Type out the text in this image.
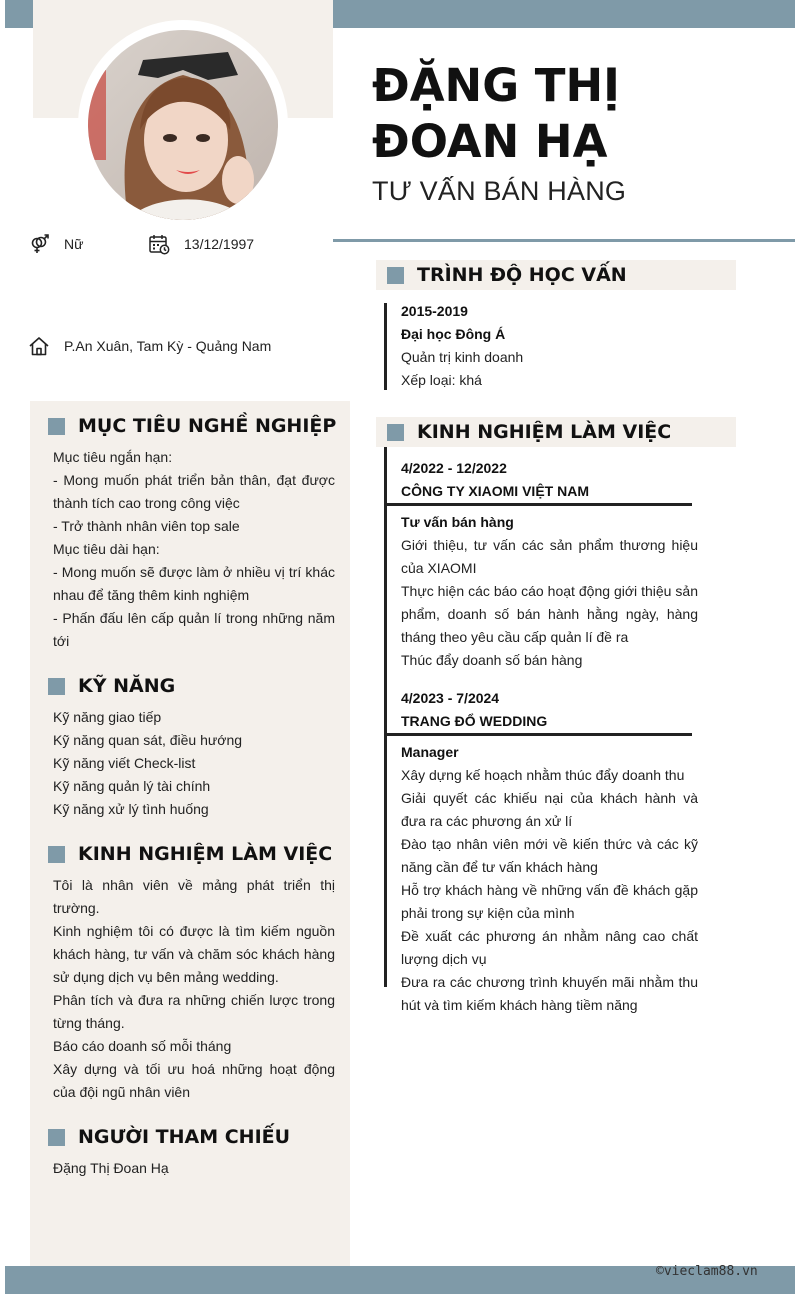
ĐẶNG THỊ ĐOAN HẠ
TƯ VẤN BÁN HÀNG
Nữ	13/12/1997
P.An Xuân, Tam Kỳ - Quảng Nam
MỤC TIÊU NGHỀ NGHIỆP
Mục tiêu ngắn hạn:
- Mong muốn phát triển bản thân, đạt được thành tích cao trong công việc
- Trở thành nhân viên top sale
Mục tiêu dài hạn:
- Mong muốn sẽ được làm ở nhiều vị trí khác nhau để tăng thêm kinh nghiệm
- Phấn đấu lên cấp quản lí trong những năm tới
KỸ NĂNG
Kỹ năng giao tiếp
Kỹ năng quan sát, điều hướng
Kỹ năng viết Check-list
Kỹ năng quản lý tài chính
Kỹ năng xử lý tình huống
KINH NGHIỆM LÀM VIỆC
Tôi là nhân viên về mảng phát triển thị trường.
Kinh nghiệm tôi có được là tìm kiếm nguồn khách hàng, tư vấn và chăm sóc khách hàng sử dụng dịch vụ bên mảng wedding.
Phân tích và đưa ra những chiến lược trong từng tháng.
Báo cáo doanh số mỗi tháng
Xây dựng và tối ưu hoá những hoạt động của đội ngũ nhân viên
NGƯỜI THAM CHIẾU
Đặng Thị Đoan Hạ
TRÌNH ĐỘ HỌC VẤN
2015-2019
Đại học Đông Á
Quản trị kinh doanh
Xếp loại: khá
KINH NGHIỆM LÀM VIỆC
4/2022 - 12/2022
CÔNG TY XIAOMI VIỆT NAM
Tư vấn bán hàng
Giới thiệu, tư vấn các sản phẩm thương hiệu của XIAOMI
Thực hiện các báo cáo hoạt động giới thiệu sản phẩm, doanh số bán hành hằng ngày, hàng tháng theo yêu cầu cấp quản lí đề ra
Thúc đẩy doanh số bán hàng
4/2023 - 7/2024
TRANG ĐỔ WEDDING
Manager
Xây dựng kế hoạch nhằm thúc đẩy doanh thu
Giải quyết các khiếu nại của khách hành và đưa ra các phương án xử lí
Đào tạo nhân viên mới về kiến thức và các kỹ năng cần để tư vấn khách hàng
Hỗ trợ khách hàng về những vấn đề khách gặp phải trong sự kiện của mình
Đề xuất các phương án nhằm nâng cao chất lượng dịch vụ
Đưa ra các chương trình khuyến mãi nhằm thu hút và tìm kiếm khách hàng tiềm năng
©vieclam88.vn
